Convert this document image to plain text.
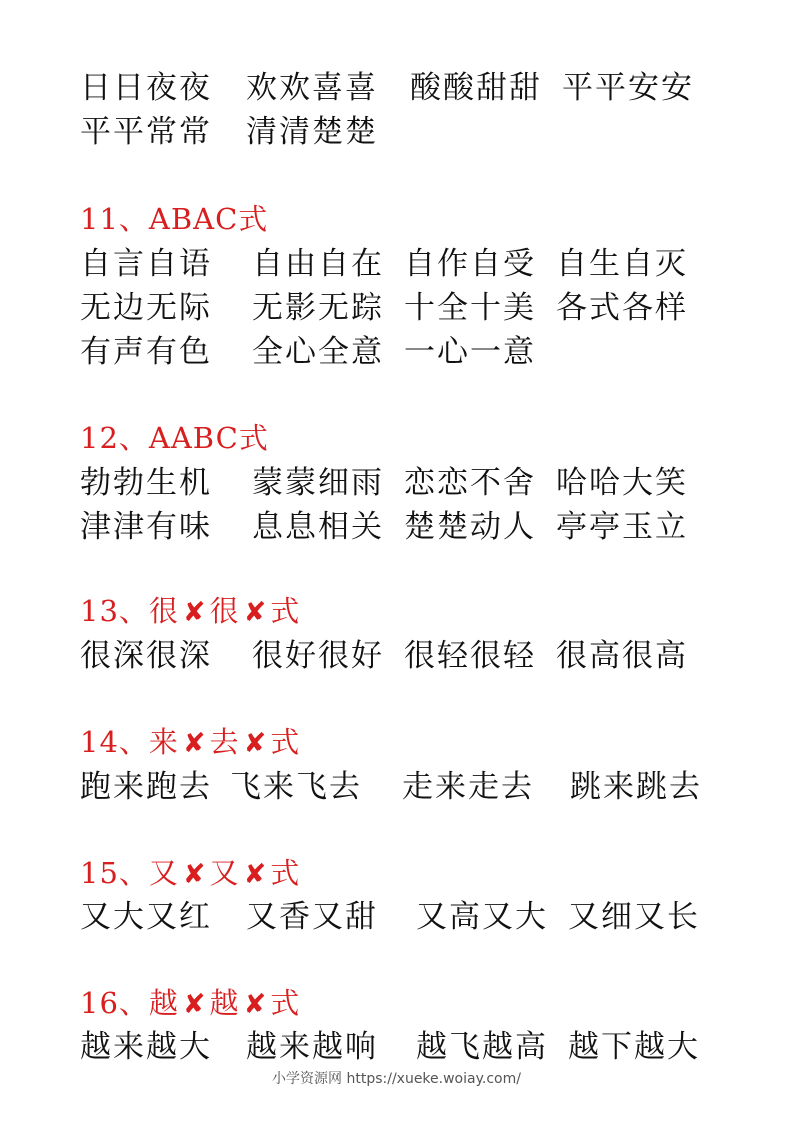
日日夜夜 欢欢喜喜 酸酸甜甜 平平安安
平平常常 清清楚楚
11、ABAC式
自言自语 自由自在 自作自受 自生自灭
无边无际 无影无踪 十全十美 各式各样
有声有色 全心全意 一心一意
12、AABC式
勃勃生机 蒙蒙细雨 恋恋不舍 哈哈大笑
津津有味 息息相关 楚楚动人 亭亭玉立
13、很 ✘ 很 ✘ 式
很深很深 很好很好 很轻很轻 很高很高
14、来 ✘ 去 ✘ 式
跑来跑去 飞来飞去 走来走去 跳来跳去
15、又 ✘ 又 ✘ 式
又大又红 又香又甜 又高又大 又细又长
16、越 ✘ 越 ✘ 式
越来越大 越来越响 越飞越高 越下越大
小学资源网 https://xueke.woiay.com/
